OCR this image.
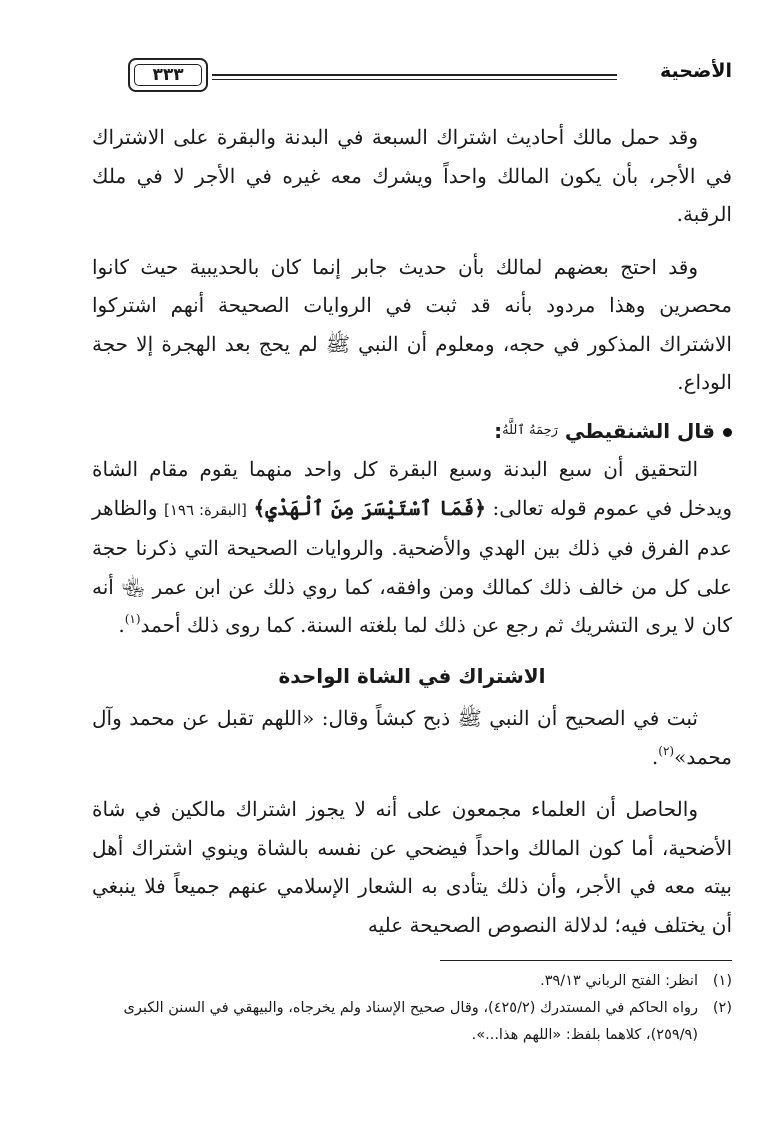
الأضحية
٣٣٣

وقد حمل مالك أحاديث اشتراك السبعة في البدنة والبقرة على الاشتراك في الأجر، بأن يكون المالك واحداً ويشرك معه غيره في الأجر لا في ملك الرقبة.

وقد احتج بعضهم لمالك بأن حديث جابر إنما كان بالحديبية حيث كانوا محصرين وهذا مردود بأنه قد ثبت في الروايات الصحيحة أنهم اشتركوا الاشتراك المذكور في حجه، ومعلوم أن النبي ﷺ لم يحج بعد الهجرة إلا حجة الوداع.

قال الشنقيطي $^{رَحِمَهُ ٱللَّهُ}$:

التحقيق أن سبع البدنة وسبع البقرة كل واحد منهما يقوم مقام الشاة ويدخل في عموم قوله تعالى: ﴿فَمَا ٱسْتَيْسَرَ مِنَ ٱلْهَدْيِ﴾ [البقرة: ١٩٦] والظاهر عدم الفرق في ذلك بين الهدي والأضحية. والروايات الصحيحة التي ذكرنا حجة على كل من خالف ذلك كمالك ومن وافقه، كما روي ذلك عن ابن عمر ﵄ أنه كان لا يرى التشريك ثم رجع عن ذلك لما بلغته السنة. كما روى ذلك أحمد$^{(١)}$.

الاشتراك في الشاة الواحدة

ثبت في الصحيح أن النبي ﷺ ذبح كبشاً وقال: «اللهم تقبل عن محمد وآل محمد»$^{(٢)}$.

والحاصل أن العلماء مجمعون على أنه لا يجوز اشتراك مالكين في شاة الأضحية، أما كون المالك واحداً فيضحي عن نفسه بالشاة وينوي اشتراك أهل بيته معه في الأجر، وأن ذلك يتأدى به الشعار الإسلامي عنهم جميعاً فلا ينبغي أن يختلف فيه؛ لدلالة النصوص الصحيحة عليه

(١)
انظر: الفتح الرباني ٣٩/١٣.

(٢)
رواه الحاكم في المستدرك (٤٢٥/٢)، وقال صحيح الإسناد ولم يخرجاه، والبيهقي في السنن الكبرى (٢٥٩/٩)، كلاهما بلفظ: «اللهم هذا...».
